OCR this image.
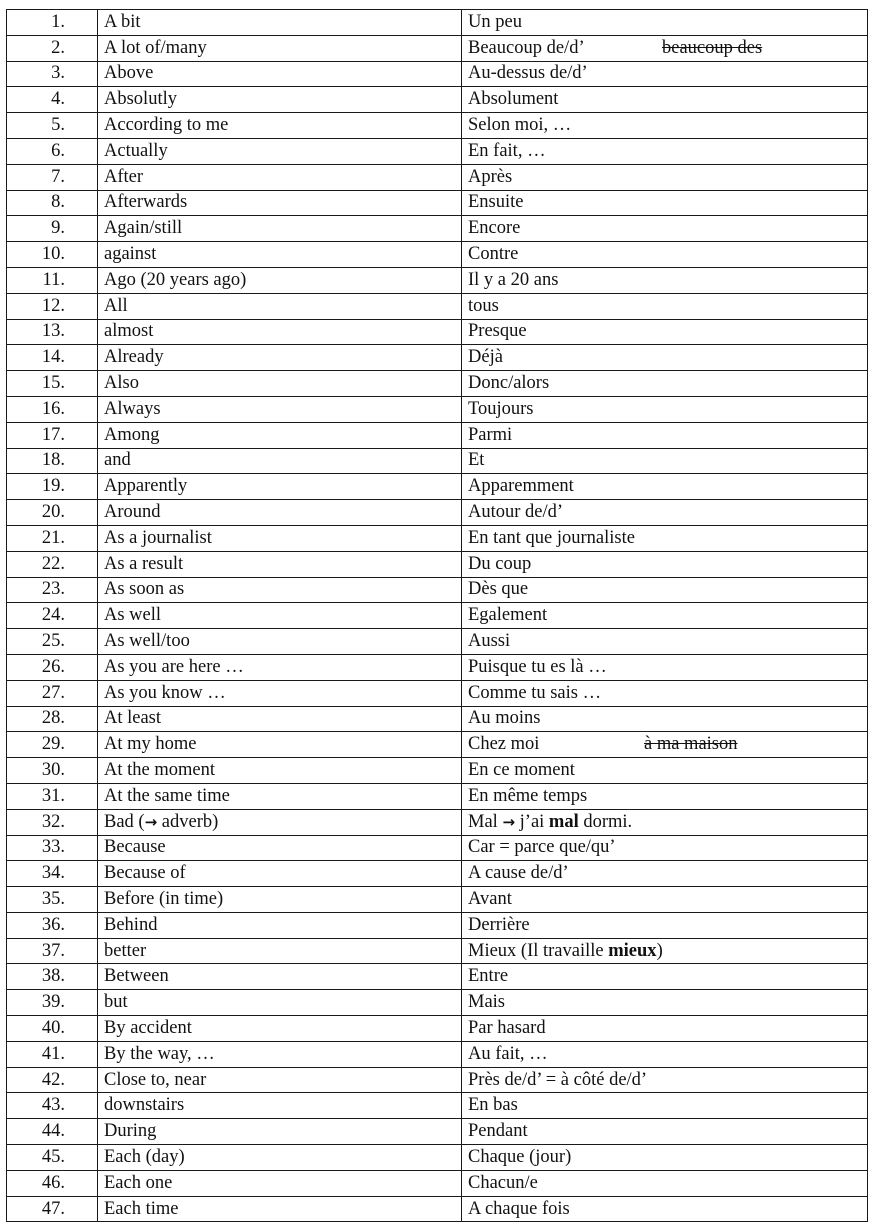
1.	A bit	Un peu
2.	A lot of/many	Beaucoup de/d’ beaucoup des

3.	Above	Au-dessus de/d’
4.	Absolutly	Absolument
5.	According to me	Selon moi, …
6.	Actually	En fait, …
7.	After	Après
8.	Afterwards	Ensuite
9.	Again/still	Encore
10.	against	Contre
11.	Ago (20 years ago)	Il y a 20 ans
12.	All	tous
13.	almost	Presque
14.	Already	Déjà
15.	Also	Donc/alors
16.	Always	Toujours
17.	Among	Parmi
18.	and	Et
19.	Apparently	Apparemment
20.	Around	Autour de/d’
21.	As a journalist	En tant que journaliste
22.	As a result	Du coup
23.	As soon as	Dès que
24.	As well	Egalement
25.	As well/too	Aussi
26.	As you are here …	Puisque tu es là …
27.	As you know …	Comme tu sais …
28.	At least	Au moins
29.	At my home	Chez moi à ma maison

30.	At the moment	En ce moment
31.	At the same time	En même temps
32.	Bad (→ adverb)	Mal → j’ai mal dormi.
33.	Because	Car = parce que/qu’
34.	Because of	A cause de/d’
35.	Before (in time)	Avant
36.	Behind	Derrière
37.	better	Mieux (Il travaille mieux)
38.	Between	Entre
39.	but	Mais
40.	By accident	Par hasard
41.	By the way, …	Au fait, …
42.	Close to, near	Près de/d’ = à côté de/d’
43.	downstairs	En bas
44.	During	Pendant
45.	Each (day)	Chaque (jour)
46.	Each one	Chacun/e
47.	Each time	A chaque fois
